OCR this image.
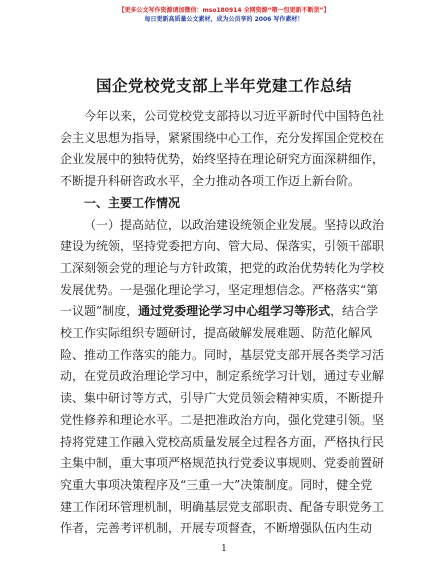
【更多公文写作资源请加微信：mso180914 全网资源“喂一包更新不断货”】
每日更新高质量公文素材，成为公员享的 2006 写作素材！
国企党校党支部上半年党建工作总结
今年以来，公司党校党支部持以习近平新时代中国特色社
会主义思想为指导，紧紧围绕中心工作，充分发挥国企党校在
企业发展中的独特优势，始终坚持在理论研究方面深耕细作，
不断提升科研咨政水平，全力推动各项工作迈上新台阶。
一、主要工作情况
（一）提高站位，以政治建设统领企业发展。坚持以政治
建设为统领，坚持党委把方向、管大局、保落实，引领干部职
工深刻领会党的理论与方针政策，把党的政治优势转化为学校
发展优势。一是强化理论学习，坚定理想信念。严格落实“第
一议题”制度，通过党委理论学习中心组学习等形式，结合学
校工作实际组织专题研讨，提高破解发展难题、防范化解风
险、推动工作落实的能力。同时，基层党支部开展各类学习活
动，在党员政治理论学习中，制定系统学习计划，通过专业解
读、集中研讨等方式，引导广大党员领会精神实质，不断提升
党性修养和理论水平。二是把准政治方向，强化党建引领。坚
持将党建工作融入党校高质量发展全过程各方面，严格执行民
主集中制，重大事项严格规范执行党委议事规则、党委前置研
究重大事项决策程序及“三重一大”决策制度。同时，健全党
建工作闭环管理机制，明确基层党支部职责、配备专职党务工
作者，完善考评机制，开展专项督查，不断增强队伍内生动
1
